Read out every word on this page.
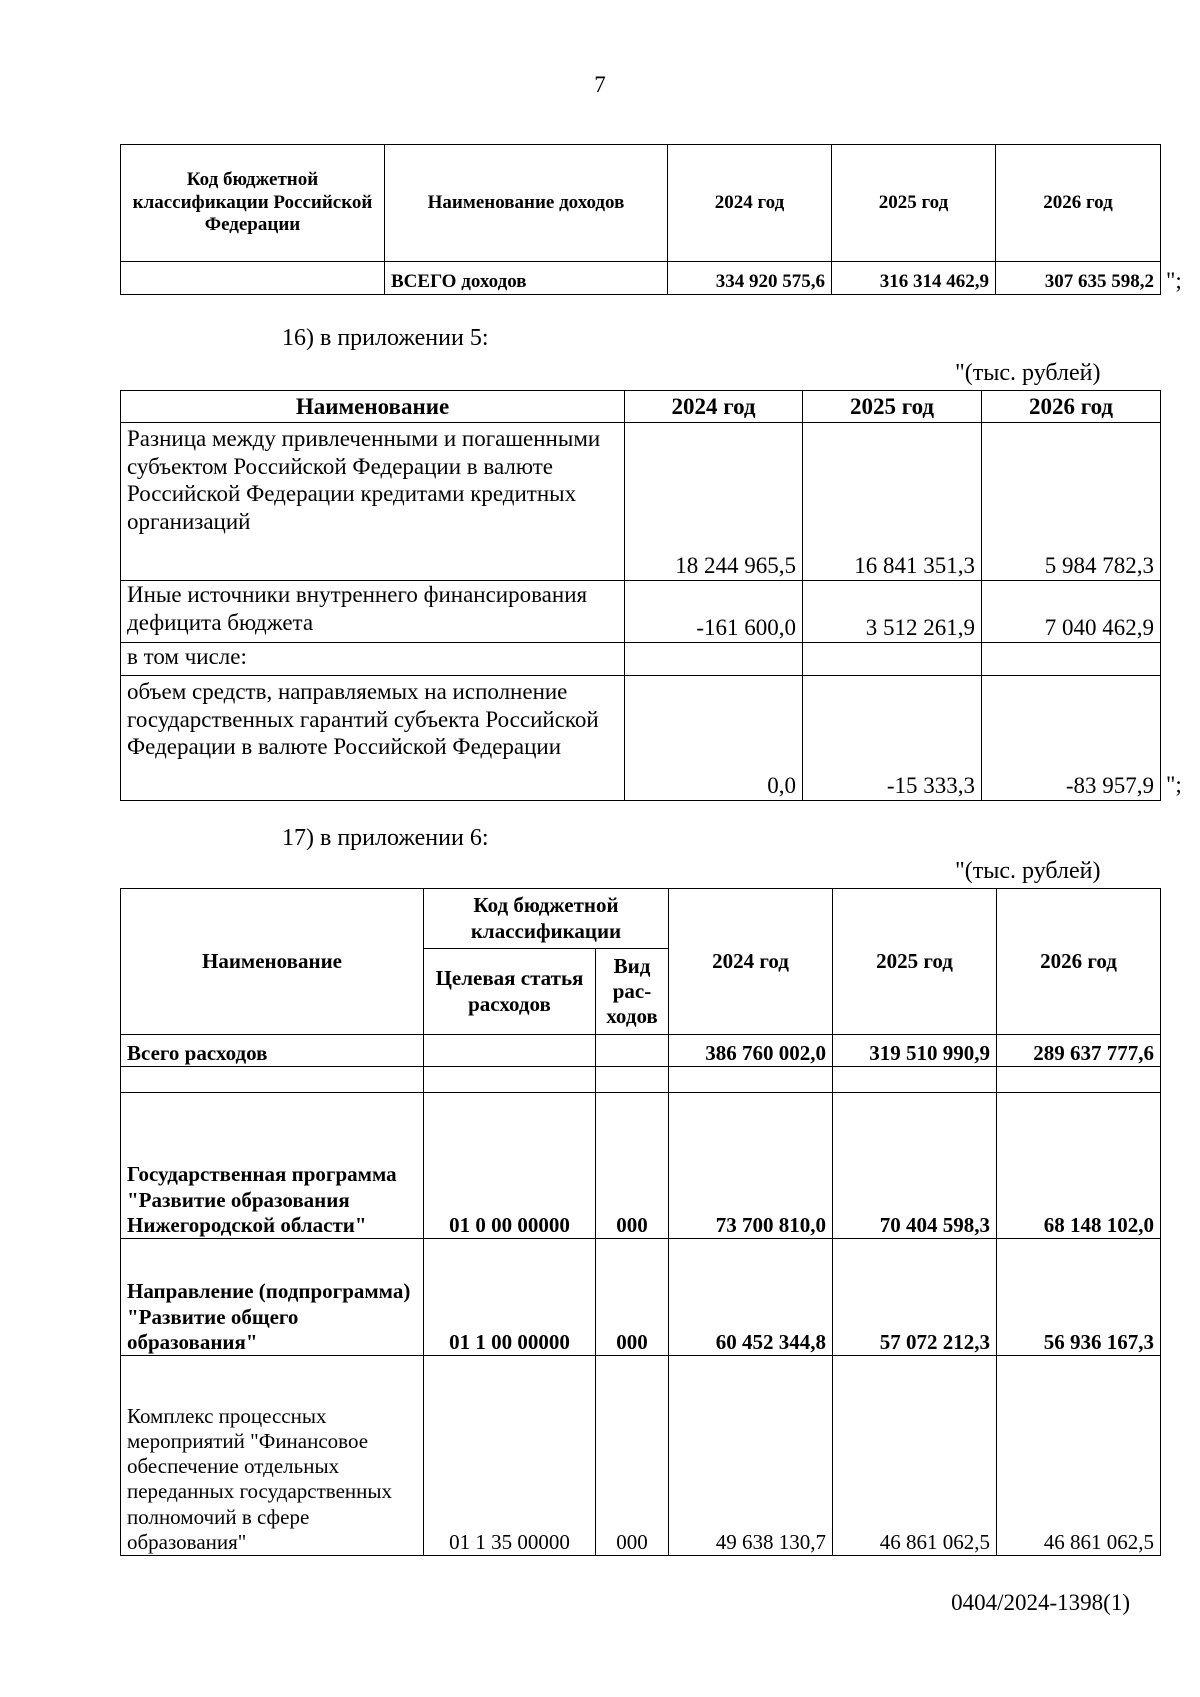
7
Код бюджетной классификации Российской Федерации	Наименование доходов	2024 год	2025 год	2026 год
	ВСЕГО доходов	334 920 575,6	316 314 462,9	307 635 598,2 ";
16) в приложении 5:
"(тыс. рублей)
Наименование	2024 год	2025 год	2026 год
Разница между привлеченными и погашенными субъектом Российской Федерации в валюте Российской Федерации кредитами кредитных организаций	18 244 965,5	16 841 351,3	5 984 782,3
Иные источники внутреннего финансирования дефицита бюджета	-161 600,0	3 512 261,9	7 040 462,9
в том числе:			
объем средств, направляемых на исполнение государственных гарантий субъекта Российской Федерации в валюте Российской Федерации	0,0	-15 333,3	-83 957,9 ";
17) в приложении 6:
"(тыс. рублей)
Наименование	Код бюджетной классификации		2024 год	2025 год	2026 год
	Целевая статья расходов	Вид рас-ходов			
Всего расходов			386 760 002,0	319 510 990,9	289 637 777,6

Государственная программа "Развитие образования Нижегородской области"	01 0 00 00000	000	73 700 810,0	70 404 598,3	68 148 102,0
Направление (подпрограмма) "Развитие общего образования"	01 1 00 00000	000	60 452 344,8	57 072 212,3	56 936 167,3
Комплекс процессных мероприятий "Финансовое обеспечение отдельных переданных государственных полномочий в сфере образования"	01 1 35 00000	000	49 638 130,7	46 861 062,5	46 861 062,5
0404/2024-1398(1)
